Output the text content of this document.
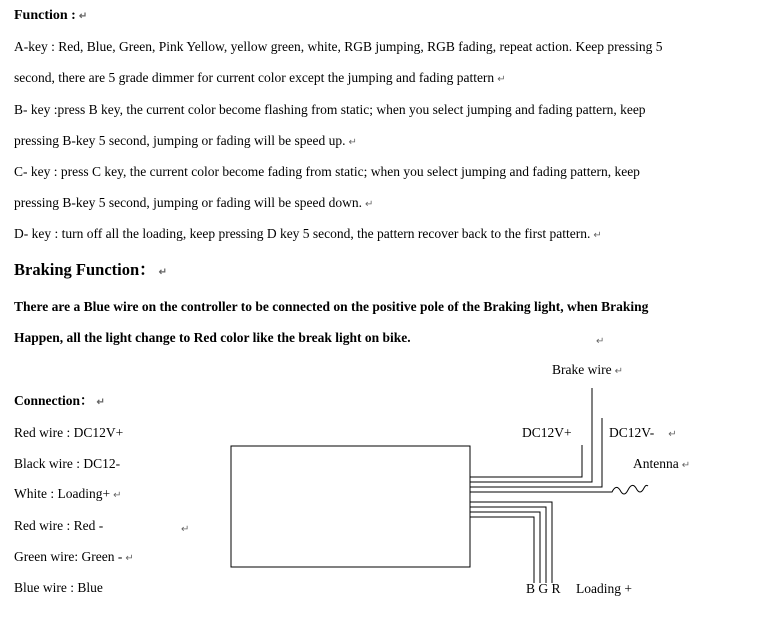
Function : ↵
A-key : Red, Blue, Green, Pink Yellow, yellow green, white, RGB jumping, RGB fading, repeat action. Keep pressing 5
second, there are 5 grade dimmer for current color except the jumping and fading pattern ↵
B- key :press B key, the current color become flashing from static; when you select jumping and fading pattern, keep
pressing B-key 5 second, jumping or fading will be speed up. ↵
C- key : press C key, the current color become fading from static; when you select jumping and fading pattern, keep
pressing B-key 5 second, jumping or fading will be speed down. ↵
D- key : turn off all the loading, keep pressing D key 5 second, the pattern recover back to the first pattern. ↵
Braking Function： ↵
There are a Blue wire on the controller to be connected on the positive pole of the Braking light, when Braking
Happen, all the light change to Red color like the break light on bike.	↵
Connection： ↵
Red wire : DC12V+
Black wire : DC12-
White : Loading+ ↵
Red wire : Red -	↵
Green wire: Green - ↵
Blue wire : Blue
Brake wire ↵
DC12V+	DC12V- ↵
Antenna ↵
B G R Loading +
